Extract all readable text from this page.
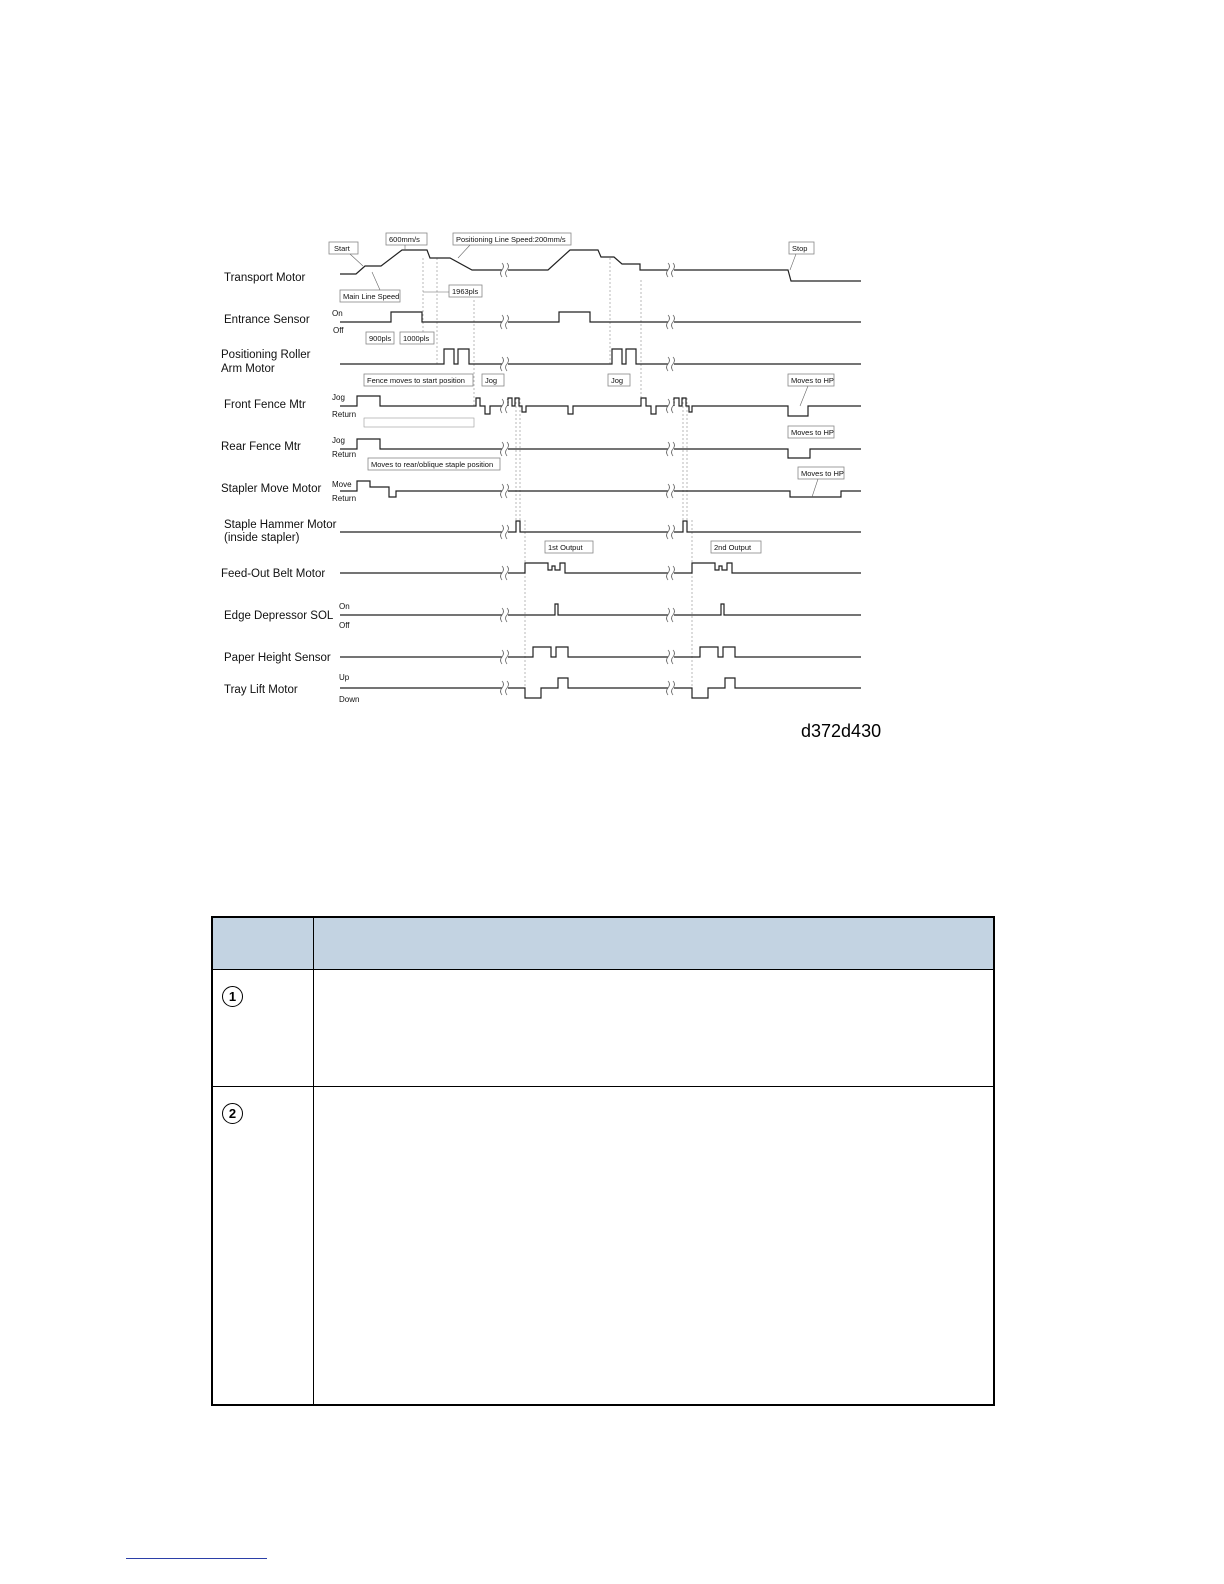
Transport Motor
Entrance Sensor
Positioning Roller
Arm Motor
Front Fence Mtr
Rear Fence Mtr
Stapler Move Motor
Staple Hammer Motor
(inside stapler)
Feed-Out Belt Motor
Edge Depressor SOL
Paper Height Sensor
Tray Lift Motor
On
Off
Jog
Return
Jog
Return
Move
Return
On
Off
Up
Down
Start
600mm/s	Positioning Line Speed:200mm/s
Stop
Main Line Speed
1963pls
900pls 1000pls
Fence moves to start position	Jog	Jog	Moves to HP
Moves to HP
Moves to rear/oblique staple position
Moves to HP
1st Output	2nd Output
d372d430

1	
2	
